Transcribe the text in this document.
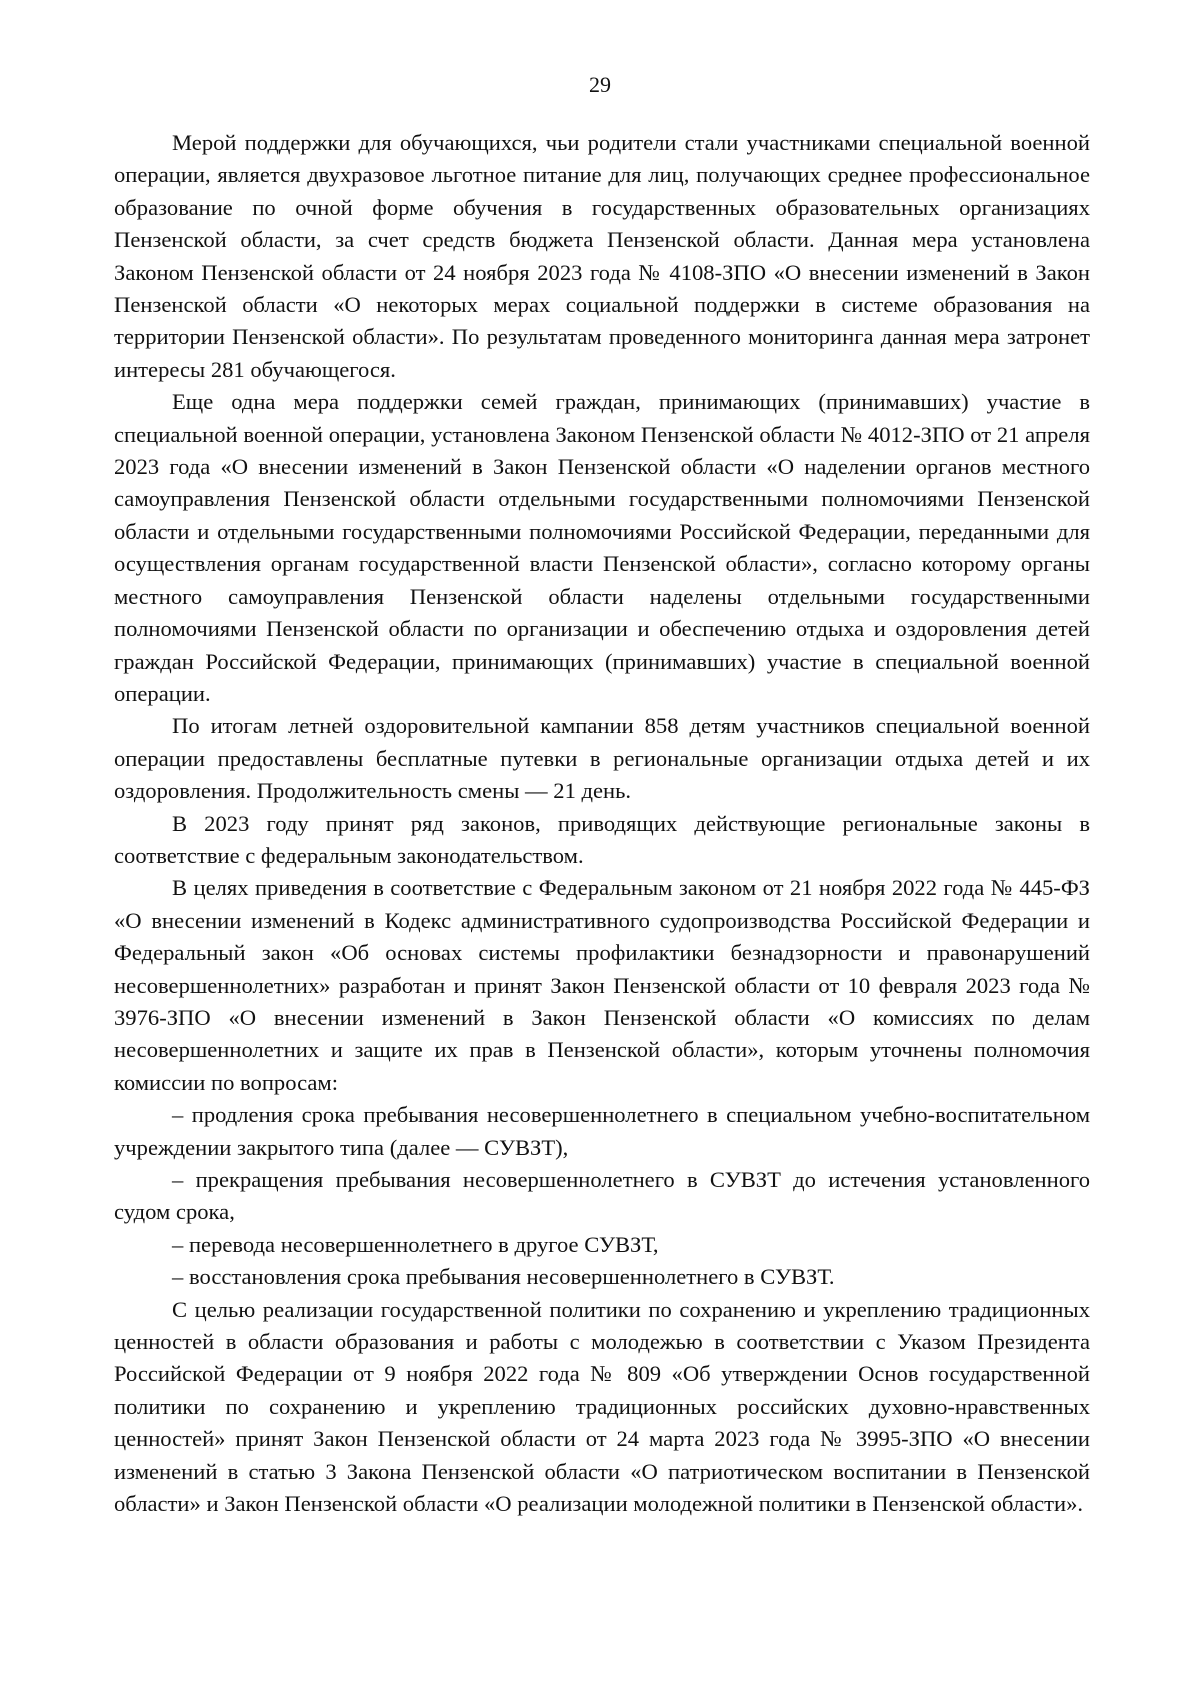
29

Мерой поддержки для обучающихся, чьи родители стали участниками специальной военной операции, является двухразовое льготное питание для лиц, получающих среднее профессиональное образование по очной форме обучения в государственных образовательных организациях Пензенской области, за счет средств бюджета Пензенской области. Данная мера установлена Законом Пензенской области от 24 ноября 2023 года № 4108-ЗПО «О внесении изменений в Закон Пензенской области «О некоторых мерах социальной поддержки в системе образования на территории Пензенской области». По результатам проведенного мониторинга данная мера затронет интересы 281 обучающегося.

Еще одна мера поддержки семей граждан, принимающих (принимавших) участие в специальной военной операции, установлена Законом Пензенской области № 4012-ЗПО от 21 апреля 2023 года «О внесении изменений в Закон Пензенской области «О наделении органов местного самоуправления Пензенской области отдельными государственными полномочиями Пензенской области и отдельными государственными полномочиями Российской Федерации, переданными для осуществления органам государственной власти Пензенской области», согласно которому органы местного самоуправления Пензенской области наделены отдельными государственными полномочиями Пензенской области по организации и обеспечению отдыха и оздоровления детей граждан Российской Федерации, принимающих (принимавших) участие в специальной военной операции.

По итогам летней оздоровительной кампании 858 детям участников специальной военной операции предоставлены бесплатные путевки в региональные организации отдыха детей и их оздоровления. Продолжительность смены — 21 день.

В 2023 году принят ряд законов, приводящих действующие региональные законы в соответствие с федеральным законодательством.

В целях приведения в соответствие с Федеральным законом от 21 ноября 2022 года № 445-ФЗ «О внесении изменений в Кодекс административного судопроизводства Российской Федерации и Федеральный закон «Об основах системы профилактики безнадзорности и правонарушений несовершеннолетних» разработан и принят Закон Пензенской области от 10 февраля 2023 года № 3976-ЗПО «О внесении изменений в Закон Пензенской области «О комиссиях по делам несовершеннолетних и защите их прав в Пензенской области», которым уточнены полномочия комиссии по вопросам:

– продления срока пребывания несовершеннолетнего в специальном учебно-воспитательном учреждении закрытого типа (далее — СУВЗТ),

– прекращения пребывания несовершеннолетнего в СУВЗТ до истечения установленного судом срока,

– перевода несовершеннолетнего в другое СУВЗТ,

– восстановления срока пребывания несовершеннолетнего в СУВЗТ.

С целью реализации государственной политики по сохранению и укреплению традиционных ценностей в области образования и работы с молодежью в соответствии с Указом Президента Российской Федерации от 9 ноября 2022 года № 809 «Об утверждении Основ государственной политики по сохранению и укреплению традиционных российских духовно-нравственных ценностей» принят Закон Пензенской области от 24 марта 2023 года № 3995-ЗПО «О внесении изменений в статью 3 Закона Пензенской области «О патриотическом воспитании в Пензенской области» и Закон Пензенской области «О реализации молодежной политики в Пензенской области».
